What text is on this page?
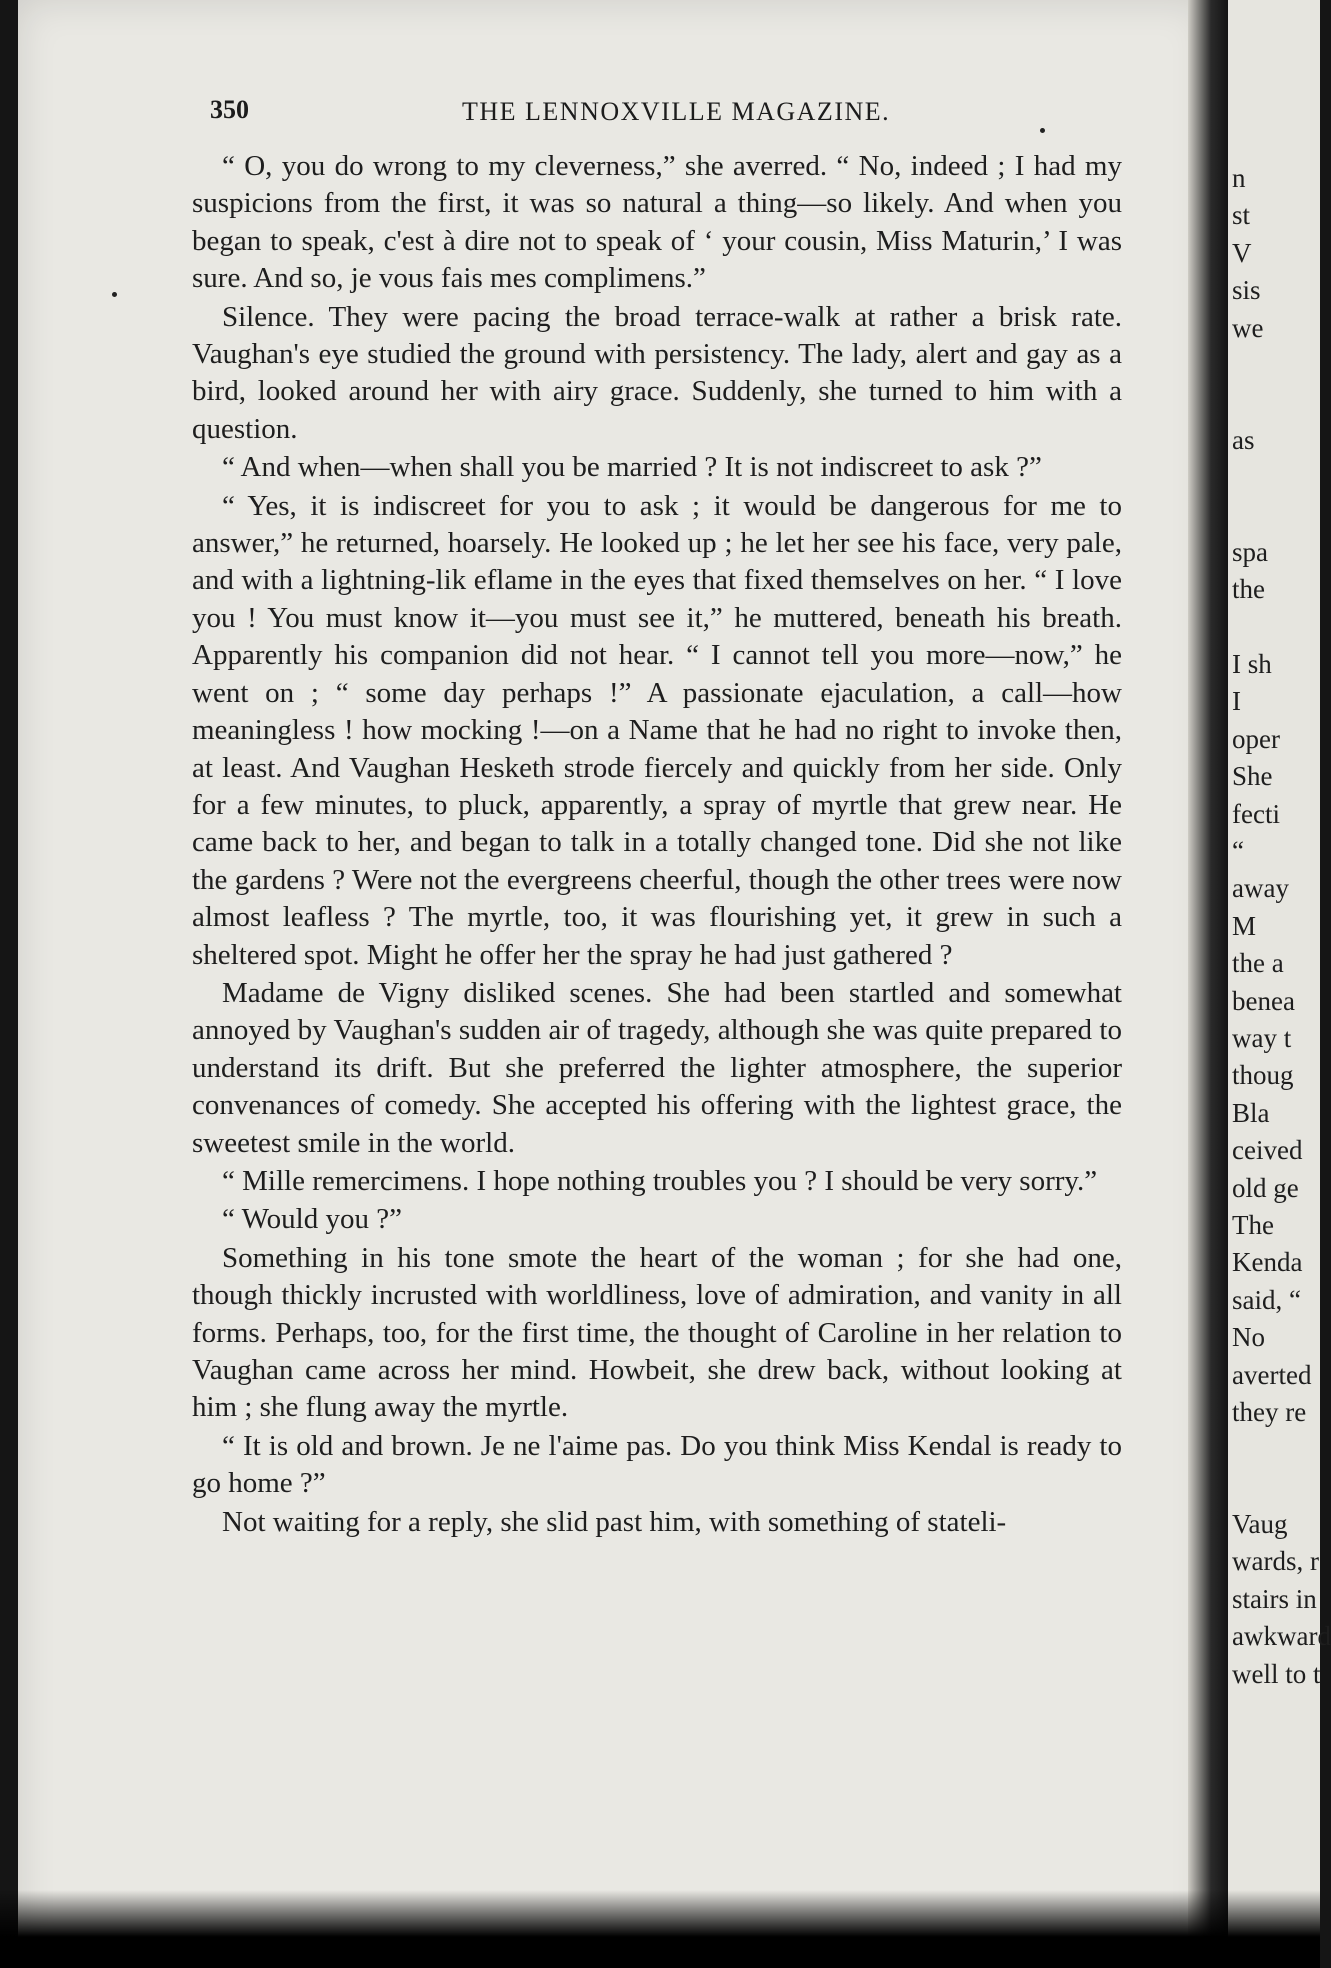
350	THE LENNOXVILLE MAGAZINE.

“ O, you do wrong to my cleverness,” she averred. “ No, indeed ; I had my suspicions from the first, it was so natural a thing—so likely. And when you began to speak, c'est à dire not to speak of ‘ your cousin, Miss Maturin,’ I was sure. And so, je vous fais mes complimens.”

Silence. They were pacing the broad terrace-walk at rather a brisk rate. Vaughan's eye studied the ground with persistency. The lady, alert and gay as a bird, looked around her with airy grace. Suddenly, she turned to him with a question.

“ And when—when shall you be married ? It is not indiscreet to ask ?”

“ Yes, it is indiscreet for you to ask ; it would be dangerous for me to answer,” he returned, hoarsely. He looked up ; he let her see his face, very pale, and with a lightning-lik eflame in the eyes that fixed themselves on her. “ I love you ! You must know it—you must see it,” he muttered, beneath his breath. Apparently his companion did not hear. “ I cannot tell you more—now,” he went on ; “ some day perhaps !” A passionate ejaculation, a call—how meaningless ! how mocking !—on a Name that he had no right to invoke then, at least. And Vaughan Hesketh strode fiercely and quickly from her side. Only for a few minutes, to pluck, apparently, a spray of myrtle that grew near. He came back to her, and began to talk in a totally changed tone. Did she not like the gardens ? Were not the evergreens cheerful, though the other trees were now almost leafless ? The myrtle, too, it was flourishing yet, it grew in such a sheltered spot. Might he offer her the spray he had just gathered ?

Madame de Vigny disliked scenes. She had been startled and somewhat annoyed by Vaughan's sudden air of tragedy, although she was quite prepared to understand its drift. But she preferred the lighter atmosphere, the superior convenances of comedy. She accepted his offering with the lightest grace, the sweetest smile in the world.

“ Mille remercimens. I hope nothing troubles you ? I should be very sorry.”

“ Would you ?”

Something in his tone smote the heart of the woman ; for she had one, though thickly incrusted with worldliness, love of admiration, and vanity in all forms. Perhaps, too, for the first time, the thought of Caroline in her relation to Vaughan came across her mind. Howbeit, she drew back, without looking at him ; she flung away the myrtle.

“ It is old and brown. Je ne l'aime pas. Do you think Miss Kendal is ready to go home ?”

Not waiting for a reply, she slid past him, with something of stateli-

n
st
V
sis
we
as
spa
the
I sh
I
oper
She
fecti
“
away
M
the a
benea
way t
thoug
Bla
ceived
old ge
The
Kenda
said, “
No
averted
they re
Vaug
wards, r
stairs in
awkward
well to t
